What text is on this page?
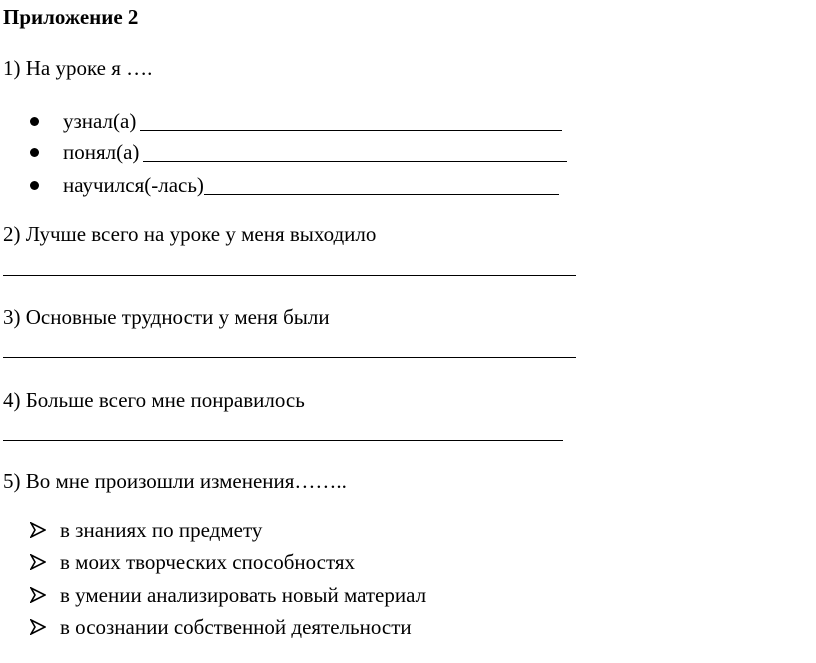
Приложение 2
1) На уроке я ….
узнал(а)
понял(а)
научился(-лась)
2) Лучше всего на уроке у меня выходило
3) Основные трудности у меня были
4) Больше всего мне понравилось
5) Во мне произошли изменения……..
в знаниях по предмету
в моих творческих способностях
в умении анализировать новый материал
в осознании собственной деятельности
